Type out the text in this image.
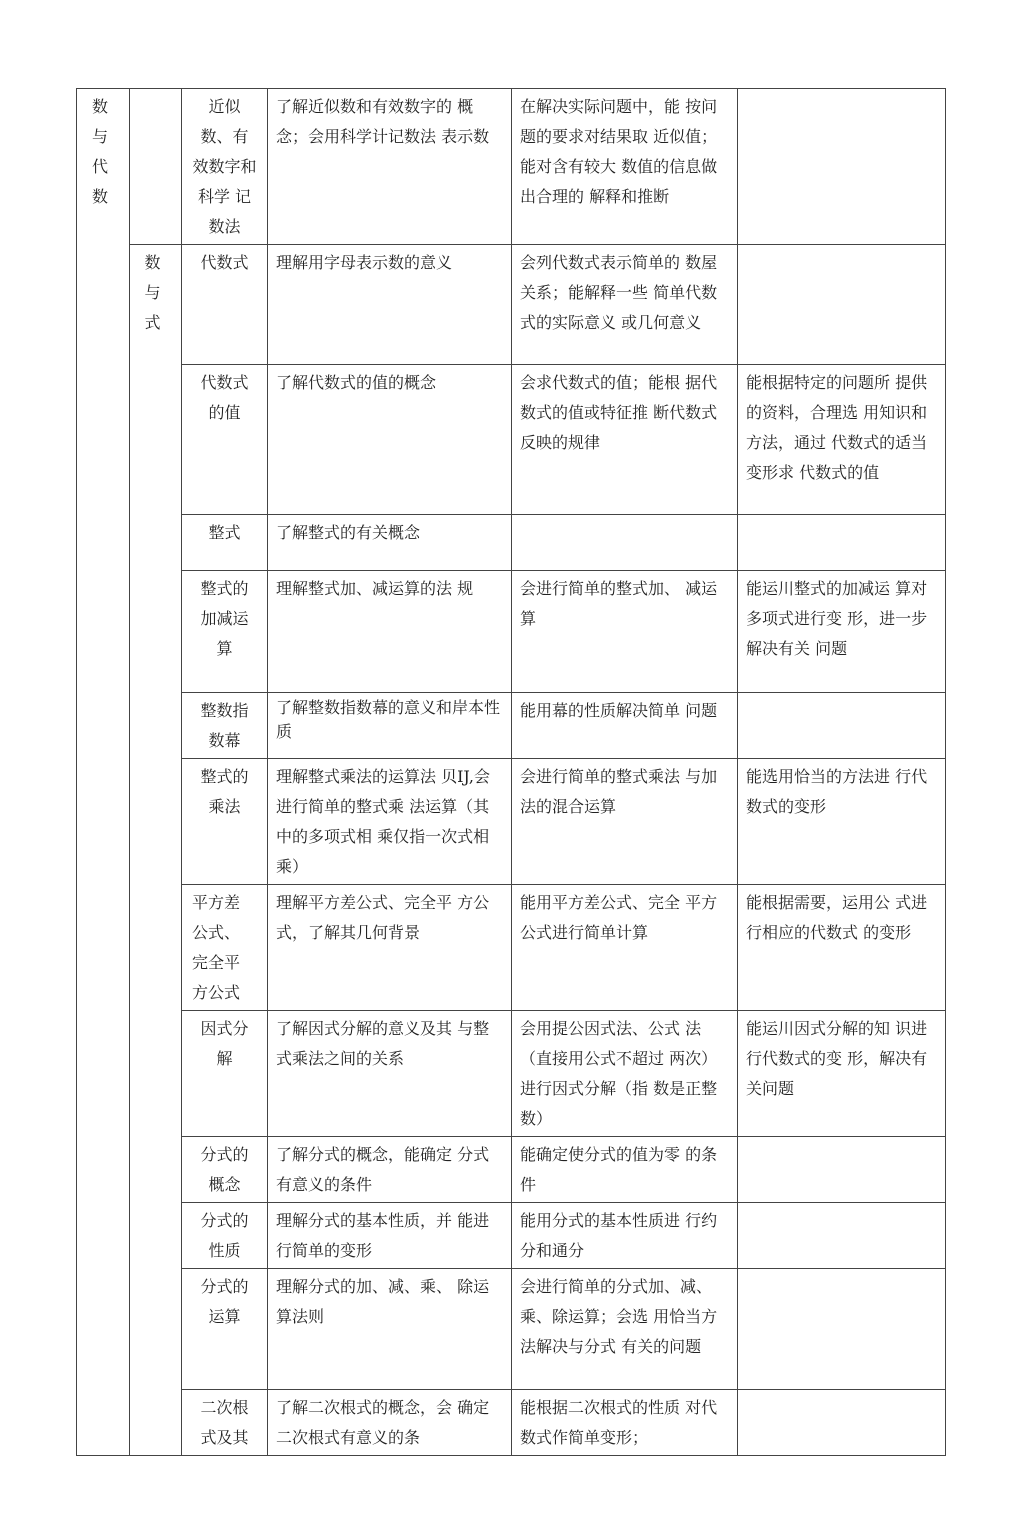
数 与 代 数		近似 数、有 效数字和科学 记数法	了解近似数和有效数字的 概念；会用科学计记数法 表示数	在解决实际问题中，能 按问题的要求对结果取 近似值；能对含有较大 数值的信息做出合理的 解释和推断	
	数 与 式	代数式	理解用字母表示数的意义	会列代数式表示简单的 数屋关系；能解释一些 简单代数式的实际意义 或几何意义	
		代数式 的值	了解代数式的值的概念	会求代数式的值；能根 据代数式的值或特征推 断代数式反映的规律	能根据特定的问题所 提供的资料，合理选 用知识和方法，通过 代数式的适当变形求 代数式的值
		整式	了解整式的有关概念		
		整式的 加减运 算	理解整式加、减运算的法 规	会进行简单的整式加、 减运算	能运川整式的加减运 算对多项式进行变 形，进一步解决有关 问题
		整数指 数幕	了解整数指数幕的意义和岸本性质	能用幕的性质解决简单 问题	
		整式的 乘法	理解整式乘法的运算法 贝IJ,会进行简单的整式乘 法运算（其中的多项式相 乘仅指一次式相乘）	会进行简单的整式乘法 与加法的混合运算	能选用恰当的方法进 行代数式的变形
		平方差 公式、 完全平 方公式	理解平方差公式、完全平 方公式，了解其几何背景	能用平方差公式、完全 平方公式进行简单计算	能根据需要，运用公 式进行相应的代数式 的变形
		因式分 解	了解因式分解的意义及其 与整式乘法之间的关系	会用提公因式法、公式 法（直接用公式不超过 两次）进行因式分解（指 数是正整数）	能运川因式分解的知 识进行代数式的变 形，解决有关问题
		分式的 概念	了解分式的概念，能确定 分式有意义的条件	能确定使分式的值为零 的条件	
		分式的 性质	理解分式的基本性质，并 能进行简单的变形	能用分式的基本性质进 行约分和通分	
		分式的 运算	理解分式的加、减、乘、 除运算法则	会进行简单的分式加、减、乘、除运算；会选 用恰当方法解决与分式 有关的问题	
		二次根 式及其	了解二次根式的概念，会 确定二次根式有意义的条	能根据二次根式的性质 对代数式作简单变形；	
